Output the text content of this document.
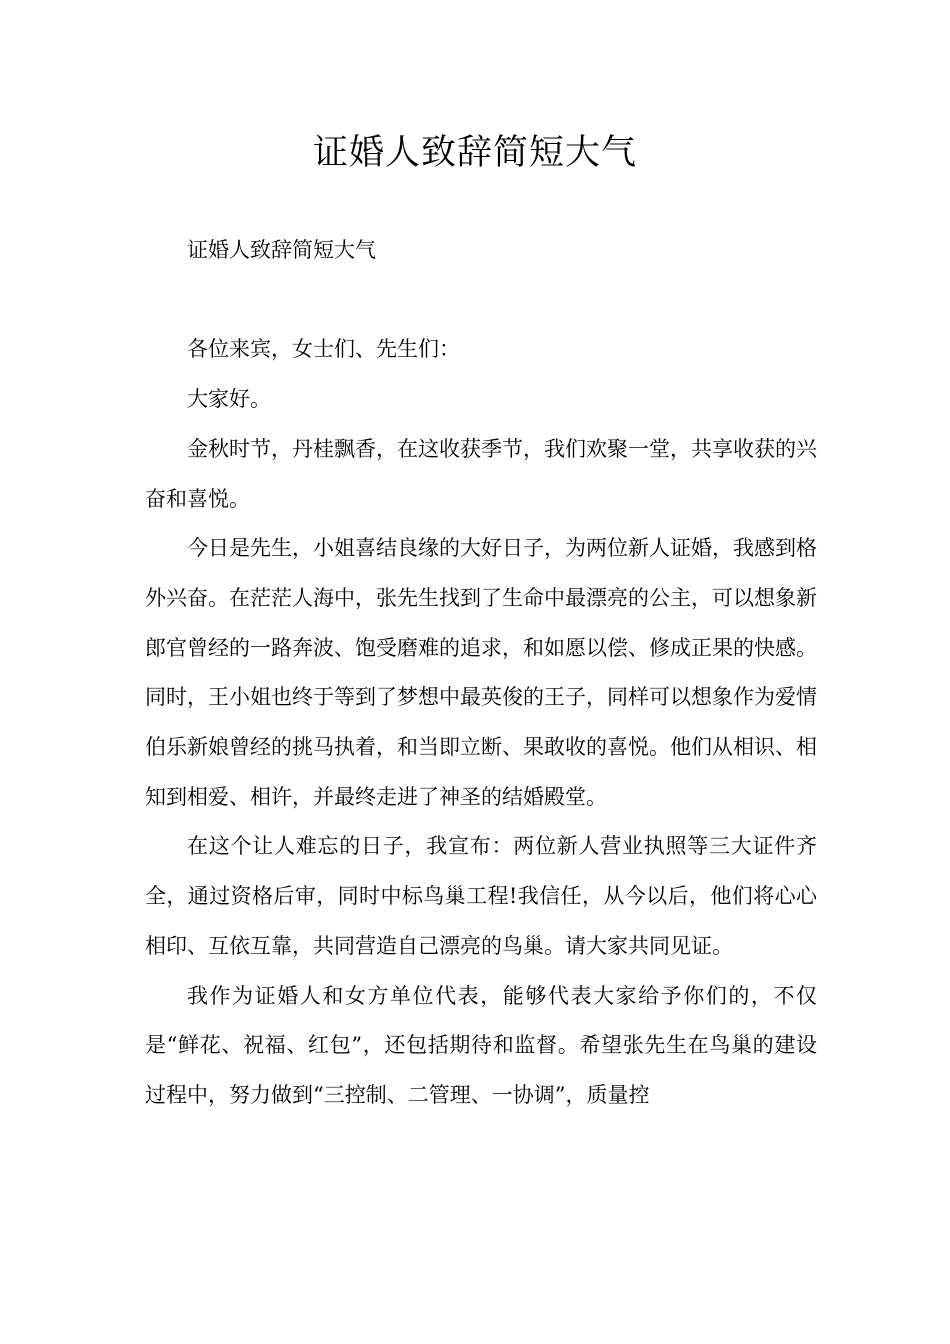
证婚人致辞简短大气

证婚人致辞简短大气

各位来宾，女士们、先生们：

大家好。

金秋时节，丹桂飘香，在这收获季节，我们欢聚一堂，共享收获的兴奋和喜悦。

今日是先生，小姐喜结良缘的大好日子，为两位新人证婚，我感到格外兴奋。在茫茫人海中，张先生找到了生命中最漂亮的公主，可以想象新郎官曾经的一路奔波、饱受磨难的追求，和如愿以偿、修成正果的快感。同时，王小姐也终于等到了梦想中最英俊的王子，同样可以想象作为爱情伯乐新娘曾经的挑马执着，和当即立断、果敢收的喜悦。他们从相识、相知到相爱、相许，并最终走进了神圣的结婚殿堂。

在这个让人难忘的日子，我宣布：两位新人营业执照等三大证件齐全，通过资格后审，同时中标鸟巢工程!我信任，从今以后，他们将心心相印、互依互靠，共同营造自己漂亮的鸟巢。请大家共同见证。

我作为证婚人和女方单位代表，能够代表大家给予你们的，不仅是“鲜花、祝福、红包”，还包括期待和监督。希望张先生在鸟巢的建设过程中，努力做到“三控制、二管理、一协调”，质量控
